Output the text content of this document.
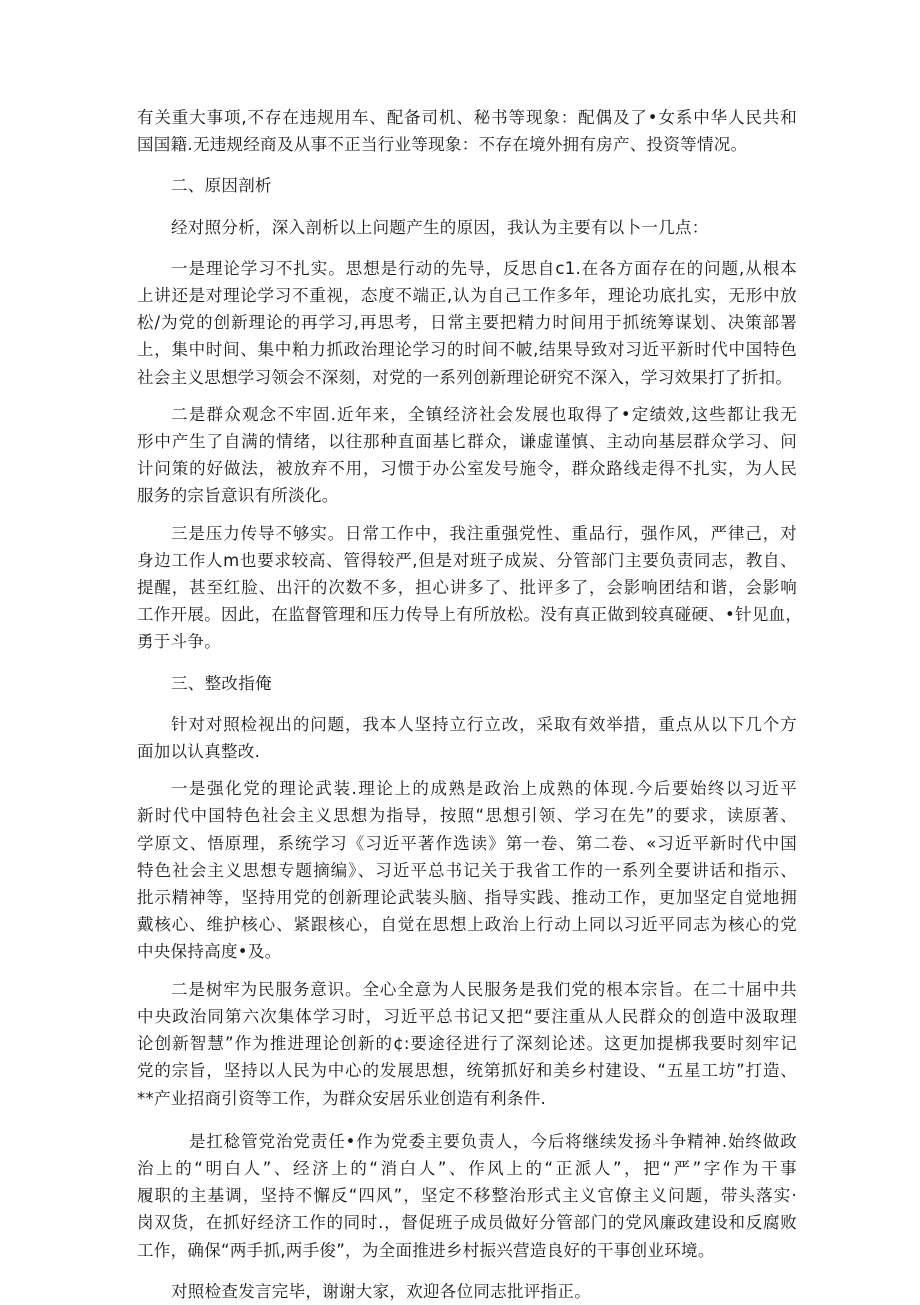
有关重大事项,不存在违规用车、配备司机、秘书等现象：配偶及了•女系中华人民共和
国国籍.无违规经商及从事不正当行业等现象：不存在境外拥有房产、投资等情况。
二、原因剖析
经对照分析，深入剖析以上问题产生的原因，我认为主要有以卜一几点：
一是理论学习不扎实。思想是行动的先导，反思自c1.在各方面存在的问题,从根本
上讲还是对理论学习不重视，态度不端正,认为自己工作多年，理论功底扎实，无形中放
松/为党的创新理论的再学习,再思考，日常主要把精力时间用于抓统筹谋划、决策部署
上，集中时间、集中粕力抓政治理论学习的时间不帔,结果导致对习近平新时代中国特色
社会主义思想学习领会不深刻，对党的一系列创新理论研究不深入，学习效果打了折扣。
二是群众观念不牢固.近年来，全镇经济社会发展也取得了•定绩效,这些都让我无
形中产生了自满的情绪，以往那种直面基匕群众，谦虚谨慎、主动向基层群众学习、问
计问策的好做法，被放弃不用，习惯于办公室发号施令，群众路线走得不扎实，为人民
服务的宗旨意识有所淡化。
三是压力传导不够实。日常工作中，我注重强党性、重品行，强作风，严律己，对
身边工作人m也要求较高、管得较严,但是对班子成炭、分管部门主要负责同志，教自、
提醒，甚至红脸、出汗的次数不多，担心讲多了、批评多了，会影响团结和谐，会影响
工作开展。因此，在监督管理和压力传导上有所放松。没有真正做到较真碰硬、•针见血，
勇于斗争。
三、整改指俺
针对对照检视出的问题，我本人坚持立行立改，采取有效举措，重点从以下几个方
面加以认真整改.
一是强化党的理论武装.理论上的成熟是政治上成熟的体现.今后要始终以习近平
新时代中国特色社会主义思想为指导，按照“思想引领、学习在先”的要求，读原著、
学原文、悟原理，系统学习《习近平著作选读》第一卷、第二卷、«习近平新时代中国
特色社会主义思想专题摘编》、习近平总书记关于我省工作的一系列全要讲话和指示、
批示精神等，坚持用党的创新理论武装头脑、指导实践、推动工作，更加坚定自觉地拥
戴核心、维护核心、紧跟核心，自觉在思想上政治上行动上同以习近平同志为核心的党
中央保持高度•及。
二是树牢为民服务意识。全心全意为人民服务是我们党的根本宗旨。在二十届中共
中央政治同第六次集体学习时，习近平总书记又把“要注重从人民群众的创造中汲取理
论创新智慧”作为推进理论创新的¢:要途径进行了深刻论述。这更加提梆我要时刻牢记
党的宗旨，坚持以人民为中心的发展思想，统第抓好和美乡村建设、“五星工坊”打造、
**产业招商引资等工作，为群众安居乐业创造有利条件.
是扛稔管党治党责任•作为党委主要负责人，今后将继续发扬斗争精神.始终做政
治上的“明白人”、经济上的“消白人”、作风上的“正派人”，把“严”字作为干事
履职的主基调，坚持不懈反“四风”，坚定不移整治形式主义官僚主义问题，带头落实·
岗双货，在抓好经济工作的同时.，督促班子成员做好分管部门的党风廉政建设和反腐败
工作，确保“两手抓,两手俊”，为全面推进乡村振兴营造良好的干事创业环境。
对照检查发言完毕，谢谢大家，欢迎各位同志批评指正。
